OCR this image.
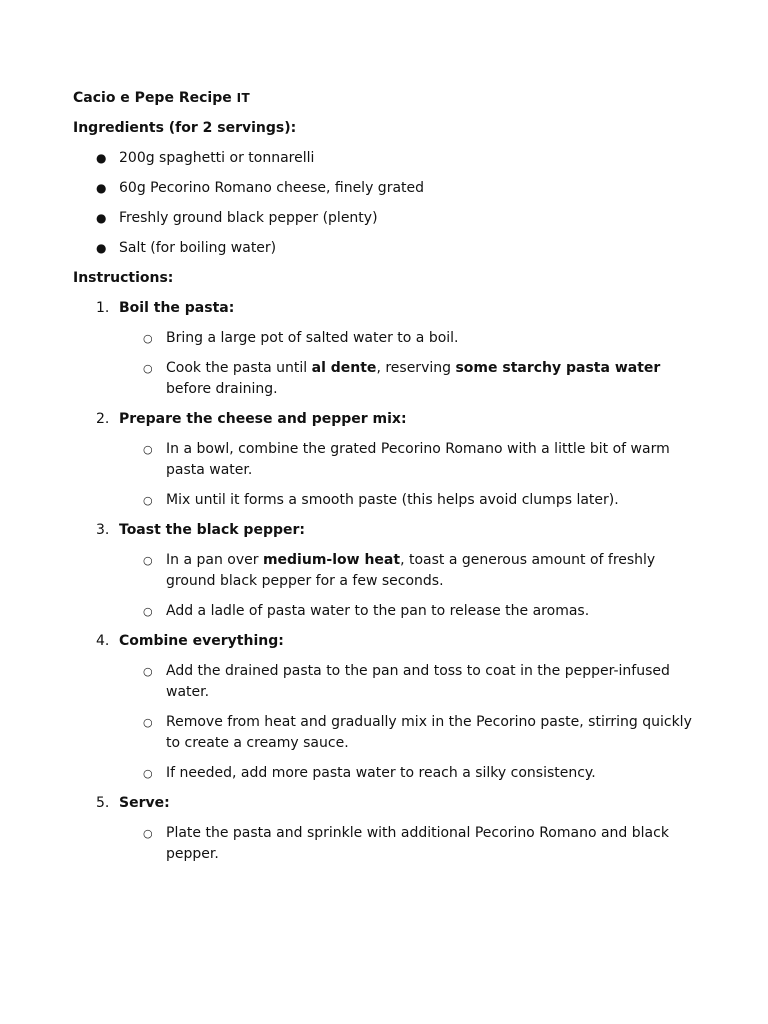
Cacio e Pepe Recipe IT
Ingredients (for 2 servings):
● 200g spaghetti or tonnarelli
● 60g Pecorino Romano cheese, finely grated
● Freshly ground black pepper (plenty)
● Salt (for boiling water)
Instructions:
1. Boil the pasta:
○ Bring a large pot of salted water to a boil.
○ Cook the pasta until al dente, reserving some starchy pasta water before draining.
2. Prepare the cheese and pepper mix:
○ In a bowl, combine the grated Pecorino Romano with a little bit of warm pasta water.
○ Mix until it forms a smooth paste (this helps avoid clumps later).
3. Toast the black pepper:
○ In a pan over medium-low heat, toast a generous amount of freshly ground black pepper for a few seconds.
○ Add a ladle of pasta water to the pan to release the aromas.
4. Combine everything:
○ Add the drained pasta to the pan and toss to coat in the pepper-infused water.
○ Remove from heat and gradually mix in the Pecorino paste, stirring quickly to create a creamy sauce.
○ If needed, add more pasta water to reach a silky consistency.
5. Serve:
○ Plate the pasta and sprinkle with additional Pecorino Romano and black pepper.
